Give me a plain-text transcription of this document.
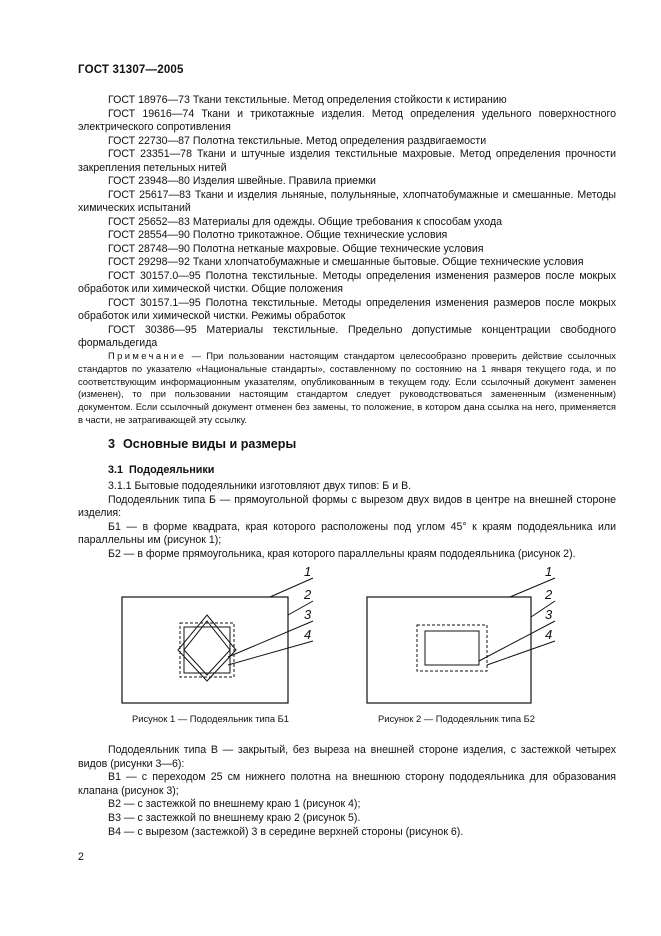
ГОСТ 31307—2005
ГОСТ 18976—73 Ткани текстильные. Метод определения стойкости к истиранию
ГОСТ 19616—74 Ткани и трикотажные изделия. Метод определения удельного поверхностного электрического сопротивления
ГОСТ 22730—87 Полотна текстильные. Метод определения раздвигаемости
ГОСТ 23351—78 Ткани и штучные изделия текстильные махровые. Метод определения прочности закрепления петельных нитей
ГОСТ 23948—80 Изделия швейные. Правила приемки
ГОСТ 25617—83 Ткани и изделия льняные, полульняные, хлопчатобумажные и смешанные. Методы химических испытаний
ГОСТ 25652—83 Материалы для одежды. Общие требования к способам ухода
ГОСТ 28554—90 Полотно трикотажное. Общие технические условия
ГОСТ 28748—90 Полотна нетканые махровые. Общие технические условия
ГОСТ 29298—92 Ткани хлопчатобумажные и смешанные бытовые. Общие технические условия
ГОСТ 30157.0—95 Полотна текстильные. Методы определения изменения размеров после мокрых обработок или химической чистки. Общие положения
ГОСТ 30157.1—95 Полотна текстильные. Методы определения изменения размеров после мокрых обработок или химической чистки. Режимы обработок
ГОСТ 30386—95 Материалы текстильные. Предельно допустимые концентрации свободного формальдегида
Примечание — При пользовании настоящим стандартом целесообразно проверить действие ссылочных стандартов по указателю «Национальные стандарты», составленному по состоянию на 1 января текущего года, и по соответствующим информационным указателям, опубликованным в текущем году. Если ссылочный документ заменен (изменен), то при пользовании настоящим стандартом следует руководствоваться замененным (измененным) документом. Если ссылочный документ отменен без замены, то положение, в котором дана ссылка на него, применяется в части, не затрагивающей эту ссылку.
3 Основные виды и размеры
3.1 Пододеяльники

3.1.1 Бытовые пододеяльники изготовляют двух типов: Б и В.

Пододеяльник типа Б — прямоугольной формы с вырезом двух видов в центре на внешней стороне изделия:

Б1 — в форме квадрата, края которого расположены под углом 45° к краям пододеяльника или параллельны им (рисунок 1);

Б2 — в форме прямоугольника, края которого параллельны краям пододеяльника (рисунок 2).

1
2
3
4
1
2
3
4
Рисунок 1 — Пододеяльник типа Б1	Рисунок 2 — Пододеяльник типа Б2

Пододеяльник типа В — закрытый, без выреза на внешней стороне изделия, с застежкой четырех видов (рисунки 3—6):

В1 — с переходом 25 см нижнего полотна на внешнюю сторону пододеяльника для образования клапана (рисунок 3);

В2 — с застежкой по внешнему краю 1 (рисунок 4);

В3 — с застежкой по внешнему краю 2 (рисунок 5).

В4 — с вырезом (застежкой) 3 в середине верхней стороны (рисунок 6).

2
